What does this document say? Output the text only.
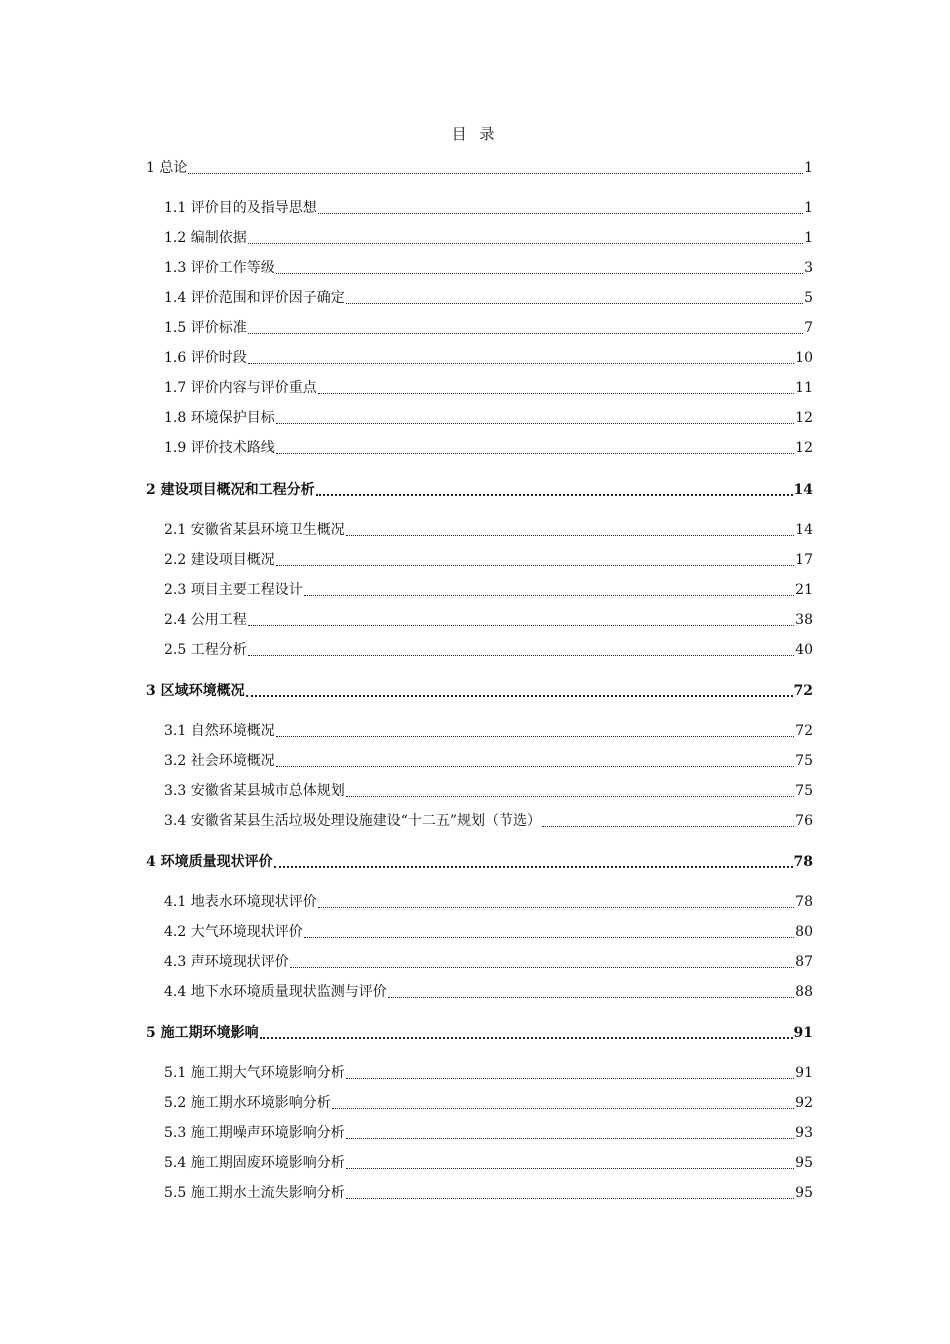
目 录
1 总论	1
1.1 评价目的及指导思想	1
1.2 编制依据	1
1.3 评价工作等级	3
1.4 评价范围和评价因子确定	5
1.5 评价标准	7
1.6 评价时段	10
1.7 评价内容与评价重点	11
1.8 环境保护目标	12
1.9 评价技术路线	12
2 建设项目概况和工程分析	14
2.1 安徽省某县环境卫生概况	14
2.2 建设项目概况	17
2.3 项目主要工程设计	21
2.4 公用工程	38
2.5 工程分析	40
3 区域环境概况	72
3.1 自然环境概况	72
3.2 社会环境概况	75
3.3 安徽省某县城市总体规划	75
3.4 安徽省某县生活垃圾处理设施建设“十二五”规划（节选）	76
4 环境质量现状评价	78
4.1 地表水环境现状评价	78
4.2 大气环境现状评价	80
4.3 声环境现状评价	87
4.4 地下水环境质量现状监测与评价	88
5 施工期环境影响	91
5.1 施工期大气环境影响分析	91
5.2 施工期水环境影响分析	92
5.3 施工期噪声环境影响分析	93
5.4 施工期固废环境影响分析	95
5.5 施工期水土流失影响分析	95
